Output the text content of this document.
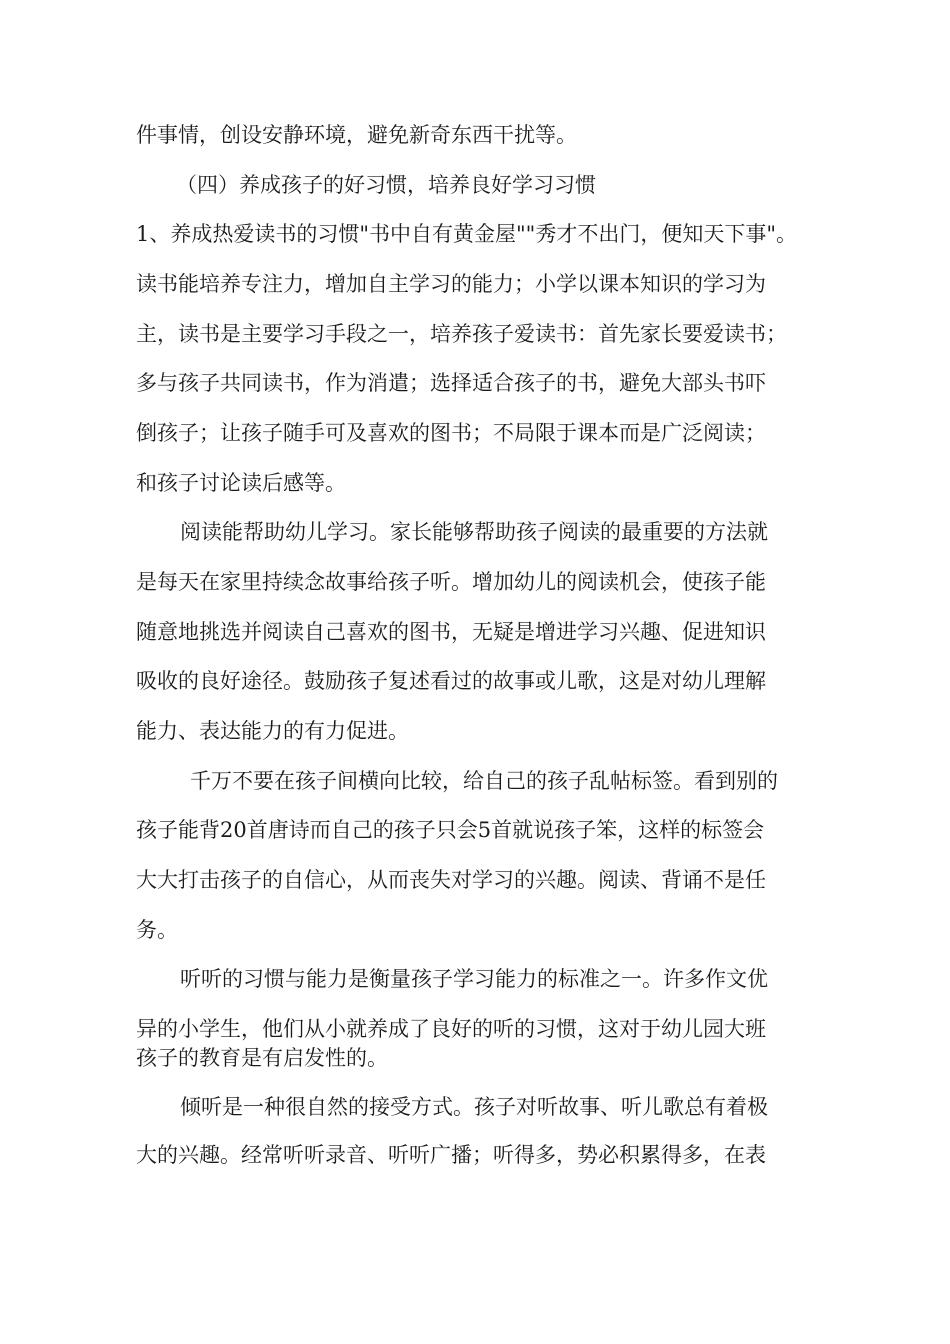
件事情，创设安静环境，避免新奇东西干扰等。

（四）养成孩子的好习惯，培养良好学习习惯

1、养成热爱读书的习惯"书中自有黄金屋""秀才不出门，便知天下事"。

读书能培养专注力，增加自主学习的能力；小学以课本知识的学习为

主，读书是主要学习手段之一，培养孩子爱读书：首先家长要爱读书；

多与孩子共同读书，作为消遣；选择适合孩子的书，避免大部头书吓

倒孩子；让孩子随手可及喜欢的图书；不局限于课本而是广泛阅读；

和孩子讨论读后感等。

阅读能帮助幼儿学习。家长能够帮助孩子阅读的最重要的方法就

是每天在家里持续念故事给孩子听。增加幼儿的阅读机会，使孩子能

随意地挑选并阅读自己喜欢的图书，无疑是增进学习兴趣、促进知识

吸收的良好途径。鼓励孩子复述看过的故事或儿歌，这是对幼儿理解

能力、表达能力的有力促进。

千万不要在孩子间横向比较，给自己的孩子乱帖标签。看到别的

孩子能背20首唐诗而自己的孩子只会5首就说孩子笨，这样的标签会

大大打击孩子的自信心，从而丧失对学习的兴趣。阅读、背诵不是任

务。

听听的习惯与能力是衡量孩子学习能力的标准之一。许多作文优

异的小学生，他们从小就养成了良好的听的习惯，这对于幼儿园大班

孩子的教育是有启发性的。

倾听是一种很自然的接受方式。孩子对听故事、听儿歌总有着极

大的兴趣。经常听听录音、听听广播；听得多，势必积累得多，在表
